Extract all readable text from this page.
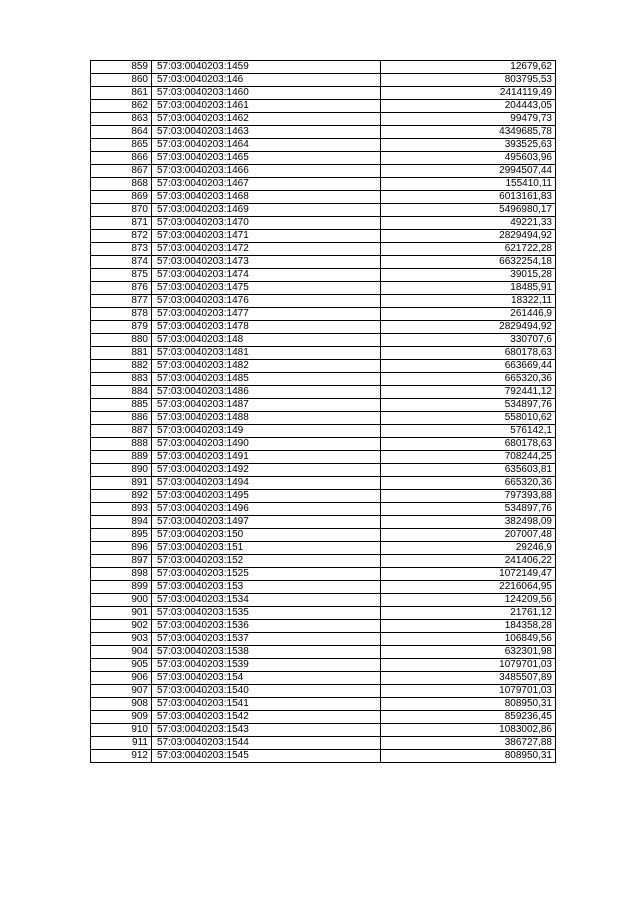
859	57:03:0040203:1459	12679,62
860	57:03:0040203:146	803795,53
861	57:03:0040203:1460	2414119,49
862	57:03:0040203:1461	204443,05
863	57:03:0040203:1462	99479,73
864	57:03:0040203:1463	4349685,78
865	57:03:0040203:1464	393525,63
866	57:03:0040203:1465	495603,96
867	57:03:0040203:1466	2994507,44
868	57:03:0040203:1467	155410,11
869	57:03:0040203:1468	6013161,83
870	57:03:0040203:1469	5496980,17
871	57:03:0040203:1470	49221,33
872	57:03:0040203:1471	2829494,92
873	57:03:0040203:1472	621722,28
874	57:03:0040203:1473	6632254,18
875	57:03:0040203:1474	39015,28
876	57:03:0040203:1475	18485,91
877	57:03:0040203:1476	18322,11
878	57:03:0040203:1477	261446,9
879	57:03:0040203:1478	2829494,92
880	57:03:0040203:148	330707,6
881	57:03:0040203:1481	680178,63
882	57:03:0040203:1482	663669,44
883	57:03:0040203:1485	665320,36
884	57:03:0040203:1486	792441,12
885	57:03:0040203:1487	534897,76
886	57:03:0040203:1488	558010,62
887	57:03:0040203:149	576142,1
888	57:03:0040203:1490	680178,63
889	57:03:0040203:1491	708244,25
890	57:03:0040203:1492	635603,81
891	57:03:0040203:1494	665320,36
892	57:03:0040203:1495	797393,88
893	57:03:0040203:1496	534897,76
894	57:03:0040203:1497	382498,09
895	57:03:0040203:150	207007,48
896	57:03:0040203:151	29246,9
897	57:03:0040203:152	241406,22
898	57:03:0040203:1525	1072149,47
899	57:03:0040203:153	2216064,95
900	57:03:0040203:1534	124209,56
901	57:03:0040203:1535	21761,12
902	57:03:0040203:1536	184358,28
903	57:03:0040203:1537	106849,56
904	57:03:0040203:1538	632301,98
905	57:03:0040203:1539	1079701,03
906	57:03:0040203:154	3485507,89
907	57:03:0040203:1540	1079701,03
908	57:03:0040203:1541	808950,31
909	57:03:0040203:1542	859236,45
910	57:03:0040203:1543	1083002,86
911	57:03:0040203:1544	386727,88
912	57:03:0040203:1545	808950,31
